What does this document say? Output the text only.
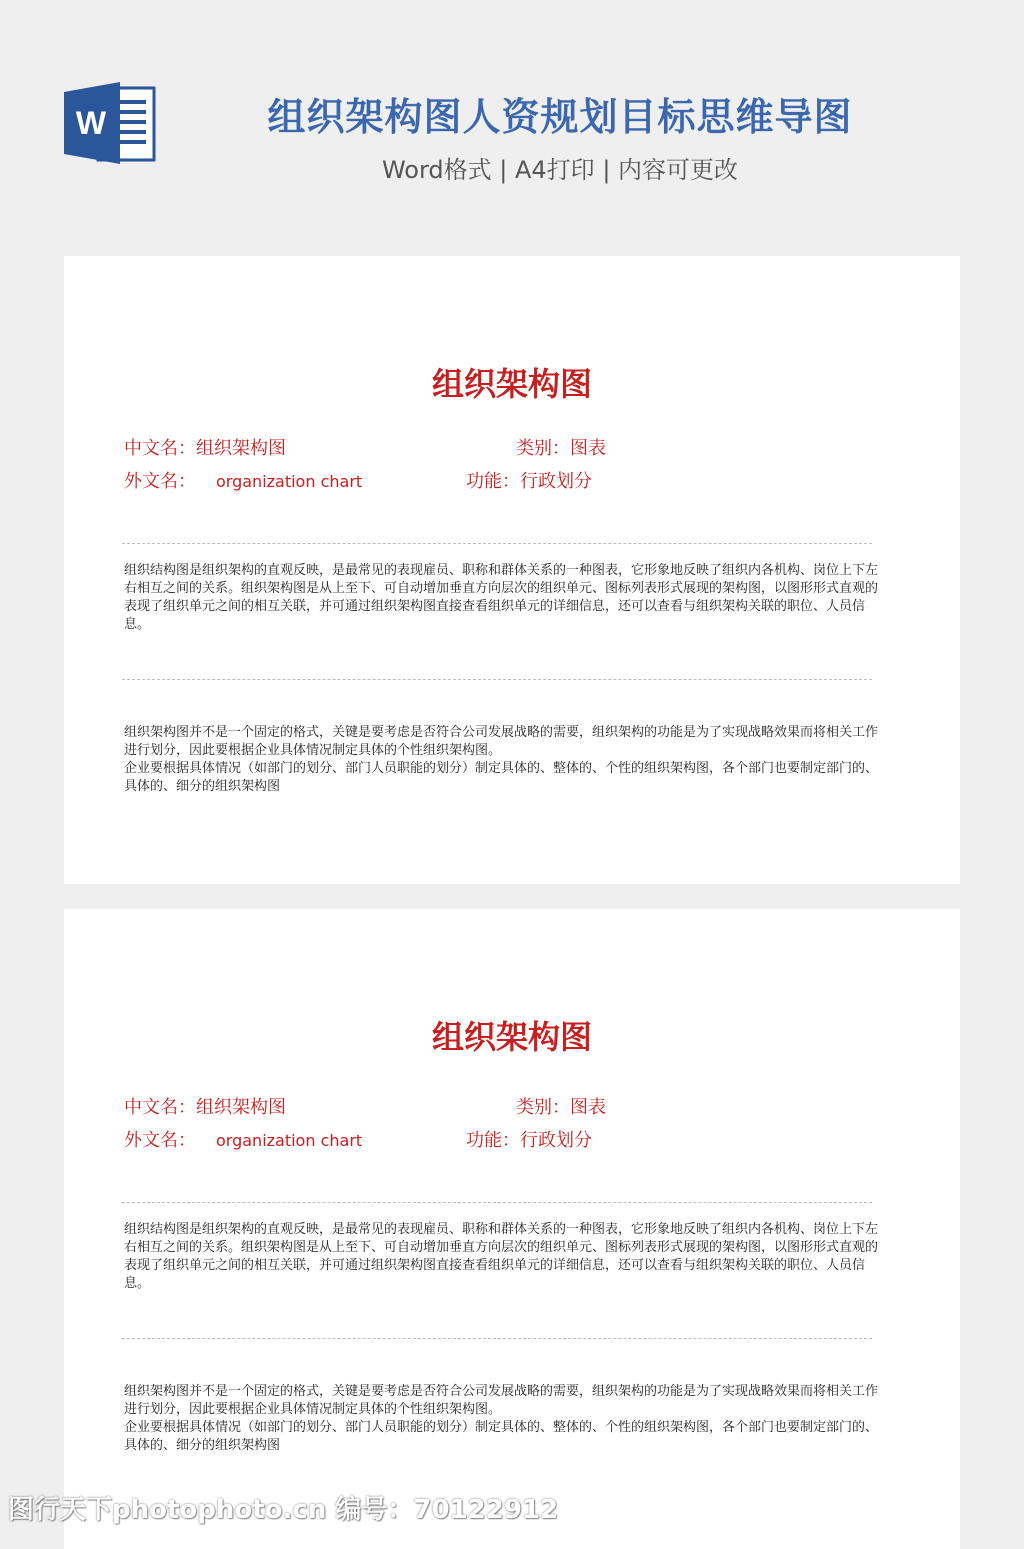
W	组织架构图人资规划目标思维导图
Word格式 | A4打印 | 内容可更改
组织架构图
中文名：组织架构图	类别：图表
外文名： organization chart	功能：行政划分

组织结构图是组织架构的直观反映，是最常见的表现雇员、职称和群体关系的一种图表，它形象地反映了组织内各机构、岗位上下左右相互之间的关系。组织架构图是从上至下、可自动增加垂直方向层次的组织单元、图标列表形式展现的架构图，以图形形式直观的表现了组织单元之间的相互关联，并可通过组织架构图直接查看组织单元的详细信息，还可以查看与组织架构关联的职位、人员信息。

组织架构图并不是一个固定的格式，关键是要考虑是否符合公司发展战略的需要，组织架构的功能是为了实现战略效果而将相关工作进行划分，因此要根据企业具体情况制定具体的个性组织架构图。

企业要根据具体情况（如部门的划分、部门人员职能的划分）制定具体的、整体的、个性的组织架构图，各个部门也要制定部门的、具体的、细分的组织架构图

组织架构图
中文名：组织架构图	类别：图表
外文名： organization chart	功能：行政划分

组织结构图是组织架构的直观反映，是最常见的表现雇员、职称和群体关系的一种图表，它形象地反映了组织内各机构、岗位上下左右相互之间的关系。组织架构图是从上至下、可自动增加垂直方向层次的组织单元、图标列表形式展现的架构图，以图形形式直观的表现了组织单元之间的相互关联，并可通过组织架构图直接查看组织单元的详细信息，还可以查看与组织架构关联的职位、人员信息。

组织架构图并不是一个固定的格式，关键是要考虑是否符合公司发展战略的需要，组织架构的功能是为了实现战略效果而将相关工作进行划分，因此要根据企业具体情况制定具体的个性组织架构图。

企业要根据具体情况（如部门的划分、部门人员职能的划分）制定具体的、整体的、个性的组织架构图，各个部门也要制定部门的、具体的、细分的组织架构图

图行天下photophoto.cn 编号：70122912
